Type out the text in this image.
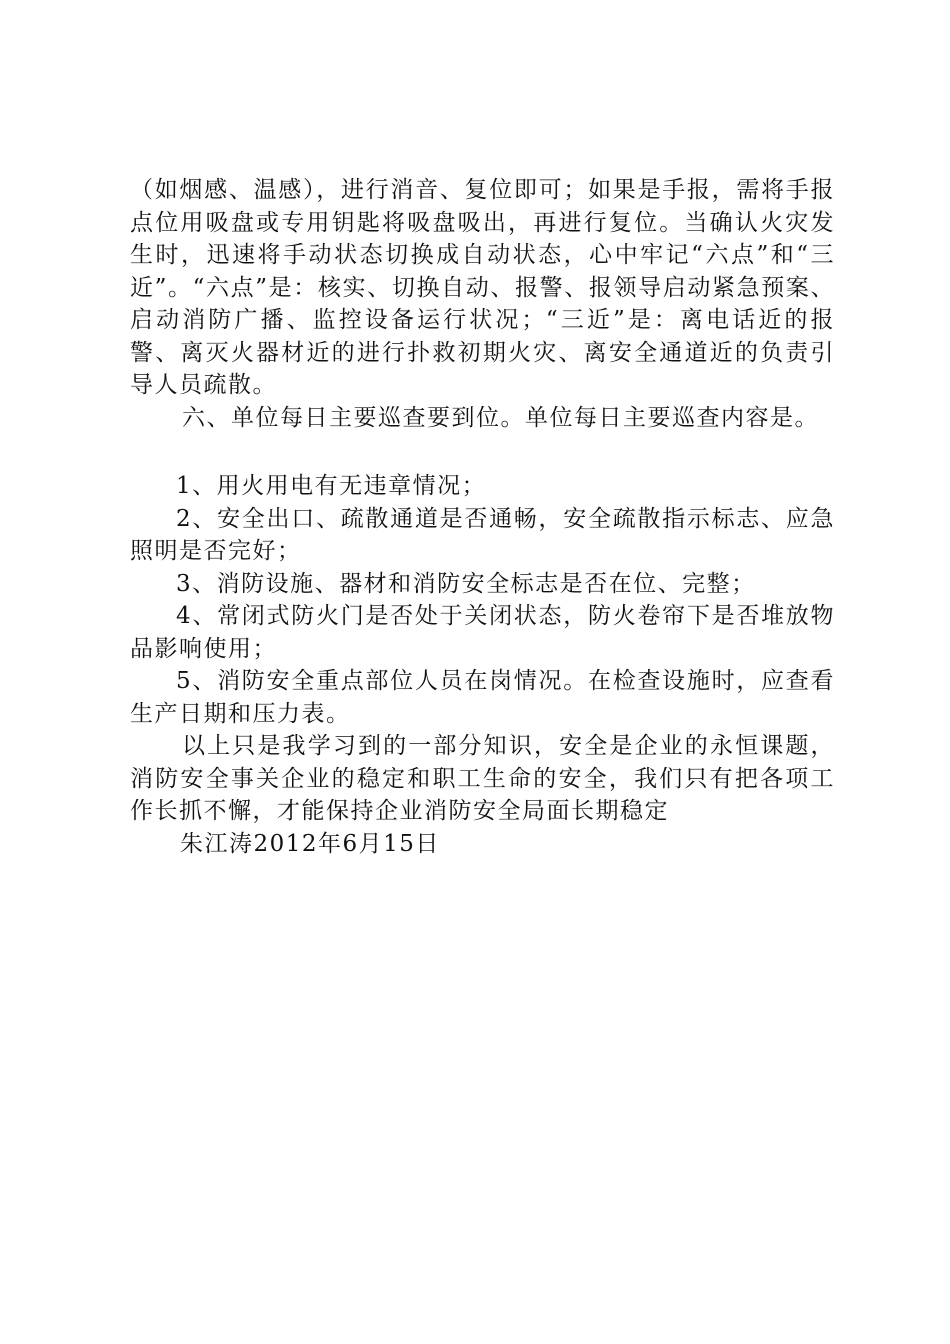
（如烟感、温感），进行消音、复位即可；如果是手报，需将手报点位用吸盘或专用钥匙将吸盘吸出，再进行复位。当确认火灾发生时，迅速将手动状态切换成自动状态，心中牢记“六点”和“三近”。“六点”是：核实、切换自动、报警、报领导启动紧急预案、启动消防广播、监控设备运行状况；“三近”是：离电话近的报警、离灭火器材近的进行扑救初期火灾、离安全通道近的负责引导人员疏散。

六、单位每日主要巡查要到位。单位每日主要巡查内容是。

1、用火用电有无违章情况；

2、安全出口、疏散通道是否通畅，安全疏散指示标志、应急照明是否完好；

3、消防设施、器材和消防安全标志是否在位、完整；

4、常闭式防火门是否处于关闭状态，防火卷帘下是否堆放物品影响使用；

5、消防安全重点部位人员在岗情况。在检查设施时，应查看生产日期和压力表。

以上只是我学习到的一部分知识，安全是企业的永恒课题，消防安全事关企业的稳定和职工生命的安全，我们只有把各项工作长抓不懈，才能保持企业消防安全局面长期稳定

朱江涛2012年6月15日
